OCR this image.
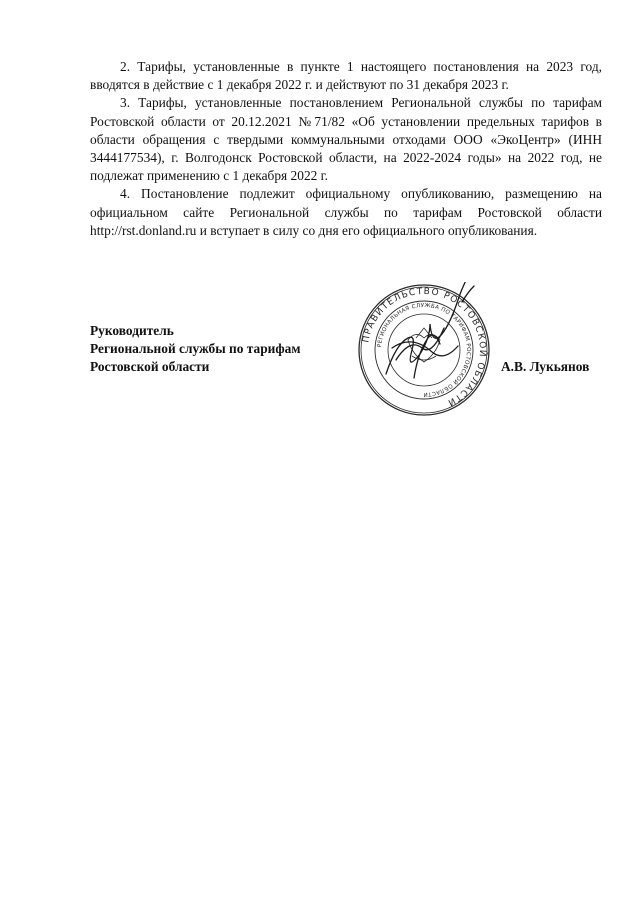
2. Тарифы, установленные в пункте 1 настоящего постановления на 2023 год, вводятся в действие с 1 декабря 2022 г. и действуют по 31 декабря 2023 г.

3. Тарифы, установленные постановлением Региональной службы по тарифам Ростовской области от 20.12.2021 №71/82 «Об установлении предельных тарифов в области обращения с твердыми коммунальными отходами ООО «ЭкоЦентр» (ИНН 3444177534), г. Волгодонск Ростовской области, на 2022-2024 годы» на 2022 год, не подлежат применению с 1 декабря 2022 г.

4. Постановление подлежит официальному опубликованию, размещению на официальном сайте Региональной службы по тарифам Ростовской области http://rst.donland.ru и вступает в силу со дня его официального опубликования.

ПРАВИТЕЛЬСТВО РОСТОВСКОЙ ОБЛАСТИ
РЕГИОНАЛЬНАЯ СЛУЖБА ПО ТАРИФАМ РОСТОВСКОЙ ОБЛАСТИ
Руководитель
Региональной службы по тарифам
Ростовской области	А.В. Лукьянов
